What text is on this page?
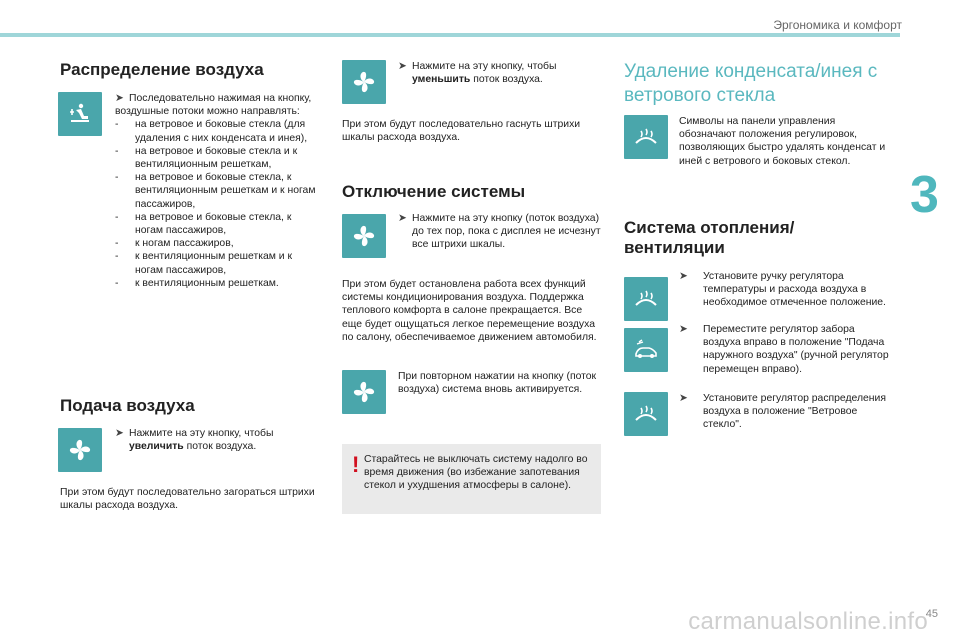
Эргономика и комфорт
3
carmanualsonline.info
Распределение воздуха
➤ Последовательно нажимая на кнопку, воздушные потоки можно направлять:
- на ветровое и боковые стекла (для удаления с них конденсата и инея),
- на ветровое и боковые стекла и к вентиляционным решеткам,
- на ветровое и боковые стекла, к вентиляционным решеткам и к ногам пассажиров,
- на ветровое и боковые стекла, к ногам пассажиров,
- к ногам пассажиров,
- к вентиляционным решеткам и к ногам пассажиров,
- к вентиляционным решеткам.
Подача воздуха
➤ Нажмите на эту кнопку, чтобы
увеличить поток воздуха.
При этом будут последовательно загораться штрихи шкалы расхода воздуха.
➤ Нажмите на эту кнопку, чтобы
уменьшить поток воздуха.
При этом будут последовательно гаснуть штрихи шкалы расхода воздуха.
Отключение системы
➤ Нажмите на эту кнопку (поток воздуха) до тех пор, пока с дисплея не исчезнут все штрихи шкалы.
При этом будет остановлена работа всех функций системы кондиционирования воздуха. Поддержка теплового комфорта в салоне прекращается. Все еще будет ощущаться легкое перемещение воздуха по салону, обеспечиваемое движением автомобиля.
При повторном нажатии на кнопку (поток воздуха) система вновь активируется.
! Старайтесь не выключать систему надолго во время движения (во избежание запотевания стекол и ухудшения атмосферы в салоне).
Удаление конденсата/инея с ветрового стекла
Символы на панели управления обозначают положения регулировок, позволяющих быстро удалять конденсат и иней с ветрового и боковых стекол.
Система отопления/ вентиляции
➤	Установите ручку регулятора температуры и расхода воздуха в необходимое отмеченное положение.
➤	Переместите регулятор забора воздуха вправо в положение "Подача наружного воздуха" (ручной регулятор перемещен вправо).
➤	Установите регулятор распределения воздуха в положение "Ветровое стекло".
45
